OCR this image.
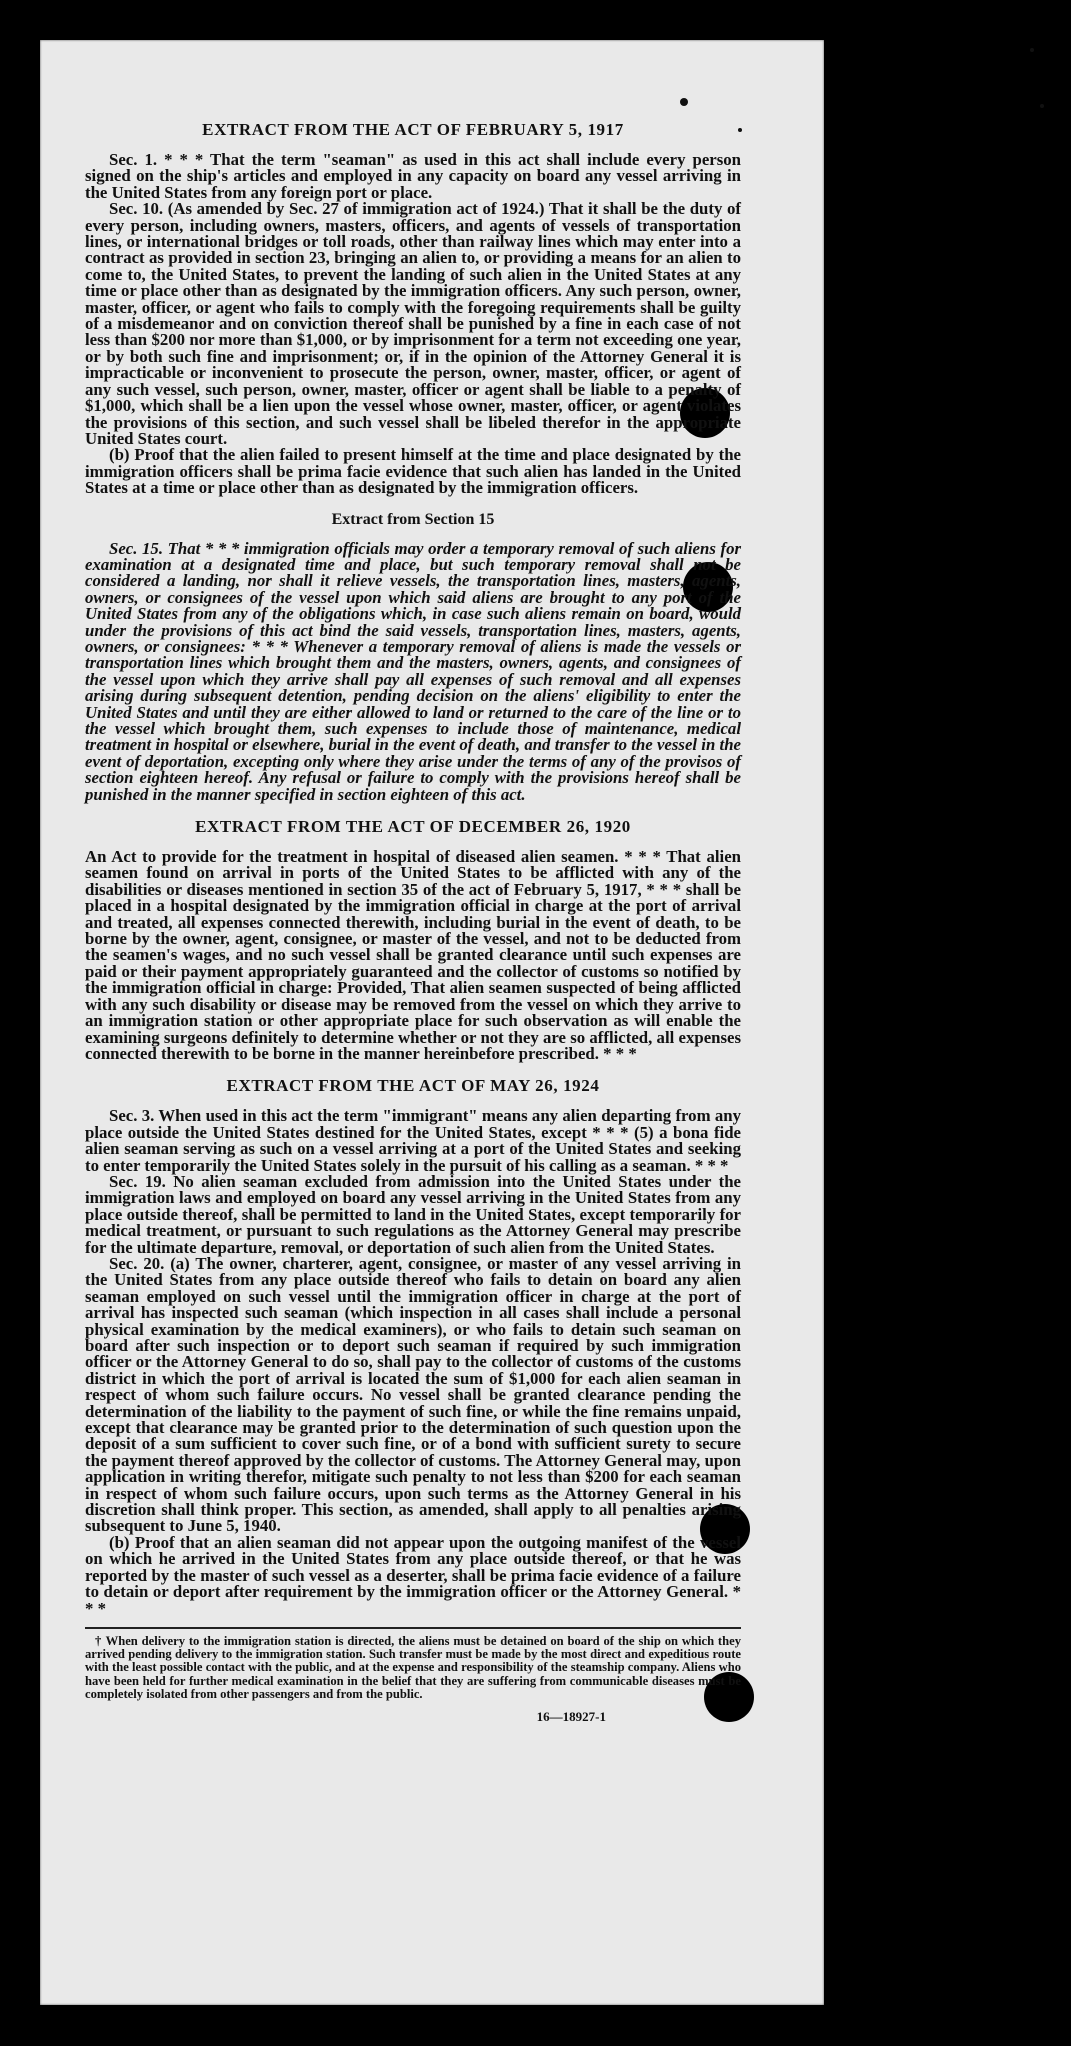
EXTRACT FROM THE ACT OF FEBRUARY 5, 1917

Sec. 1. * * * That the term "seaman" as used in this act shall include every person signed on the ship's articles and employed in any capacity on board any vessel arriving in the United States from any foreign port or place.

Sec. 10. (As amended by Sec. 27 of immigration act of 1924.) That it shall be the duty of every person, including owners, masters, officers, and agents of vessels of transportation lines, or international bridges or toll roads, other than railway lines which may enter into a contract as provided in section 23, bringing an alien to, or providing a means for an alien to come to, the United States, to prevent the landing of such alien in the United States at any time or place other than as designated by the immigration officers. Any such person, owner, master, officer, or agent who fails to comply with the foregoing requirements shall be guilty of a misdemeanor and on conviction thereof shall be punished by a fine in each case of not less than $200 nor more than $1,000, or by imprisonment for a term not exceeding one year, or by both such fine and imprisonment; or, if in the opinion of the Attorney General it is impracticable or inconvenient to prosecute the person, owner, master, officer, or agent of any such vessel, such person, owner, master, officer or agent shall be liable to a penalty of $1,000, which shall be a lien upon the vessel whose owner, master, officer, or agent violates the provisions of this section, and such vessel shall be libeled therefor in the appropriate United States court.

(b) Proof that the alien failed to present himself at the time and place designated by the immigration officers shall be prima facie evidence that such alien has landed in the United States at a time or place other than as designated by the immigration officers.

Extract from Section 15

Sec. 15. That * * * immigration officials may order a temporary removal of such aliens for examination at a designated time and place, but such temporary removal shall not be considered a landing, nor shall it relieve vessels, the transportation lines, masters, agents, owners, or consignees of the vessel upon which said aliens are brought to any port of the United States from any of the obligations which, in case such aliens remain on board, would under the provisions of this act bind the said vessels, transportation lines, masters, agents, owners, or consignees: * * * Whenever a temporary removal of aliens is made the vessels or transportation lines which brought them and the masters, owners, agents, and consignees of the vessel upon which they arrive shall pay all expenses of such removal and all expenses arising during subsequent detention, pending decision on the aliens' eligibility to enter the United States and until they are either allowed to land or returned to the care of the line or to the vessel which brought them, such expenses to include those of maintenance, medical treatment in hospital or elsewhere, burial in the event of death, and transfer to the vessel in the event of deportation, excepting only where they arise under the terms of any of the provisos of section eighteen hereof. Any refusal or failure to comply with the provisions hereof shall be punished in the manner specified in section eighteen of this act.

EXTRACT FROM THE ACT OF DECEMBER 26, 1920

An Act to provide for the treatment in hospital of diseased alien seamen. * * * That alien seamen found on arrival in ports of the United States to be afflicted with any of the disabilities or diseases mentioned in section 35 of the act of February 5, 1917, * * * shall be placed in a hospital designated by the immigration official in charge at the port of arrival and treated, all expenses connected therewith, including burial in the event of death, to be borne by the owner, agent, consignee, or master of the vessel, and not to be deducted from the seamen's wages, and no such vessel shall be granted clearance until such expenses are paid or their payment appropriately guaranteed and the collector of customs so notified by the immigration official in charge: Provided, That alien seamen suspected of being afflicted with any such disability or disease may be removed from the vessel on which they arrive to an immigration station or other appropriate place for such observation as will enable the examining surgeons definitely to determine whether or not they are so afflicted, all expenses connected therewith to be borne in the manner hereinbefore prescribed. * * *

EXTRACT FROM THE ACT OF MAY 26, 1924

Sec. 3. When used in this act the term "immigrant" means any alien departing from any place outside the United States destined for the United States, except * * * (5) a bona fide alien seaman serving as such on a vessel arriving at a port of the United States and seeking to enter temporarily the United States solely in the pursuit of his calling as a seaman. * * *

Sec. 19. No alien seaman excluded from admission into the United States under the immigration laws and employed on board any vessel arriving in the United States from any place outside thereof, shall be permitted to land in the United States, except temporarily for medical treatment, or pursuant to such regulations as the Attorney General may prescribe for the ultimate departure, removal, or deportation of such alien from the United States.

Sec. 20. (a) The owner, charterer, agent, consignee, or master of any vessel arriving in the United States from any place outside thereof who fails to detain on board any alien seaman employed on such vessel until the immigration officer in charge at the port of arrival has inspected such seaman (which inspection in all cases shall include a personal physical examination by the medical examiners), or who fails to detain such seaman on board after such inspection or to deport such seaman if required by such immigration officer or the Attorney General to do so, shall pay to the collector of customs of the customs district in which the port of arrival is located the sum of $1,000 for each alien seaman in respect of whom such failure occurs. No vessel shall be granted clearance pending the determination of the liability to the payment of such fine, or while the fine remains unpaid, except that clearance may be granted prior to the determination of such question upon the deposit of a sum sufficient to cover such fine, or of a bond with sufficient surety to secure the payment thereof approved by the collector of customs. The Attorney General may, upon application in writing therefor, mitigate such penalty to not less than $200 for each seaman in respect of whom such failure occurs, upon such terms as the Attorney General in his discretion shall think proper. This section, as amended, shall apply to all penalties arising subsequent to June 5, 1940.

(b) Proof that an alien seaman did not appear upon the outgoing manifest of the vessel on which he arrived in the United States from any place outside thereof, or that he was reported by the master of such vessel as a deserter, shall be prima facie evidence of a failure to detain or deport after requirement by the immigration officer or the Attorney General. * * *

† When delivery to the immigration station is directed, the aliens must be detained on board of the ship on which they arrived pending delivery to the immigration station. Such transfer must be made by the most direct and expeditious route with the least possible contact with the public, and at the expense and responsibility of the steamship company. Aliens who have been held for further medical examination in the belief that they are suffering from communicable diseases must be completely isolated from other passengers and from the public.

16—18927-1
